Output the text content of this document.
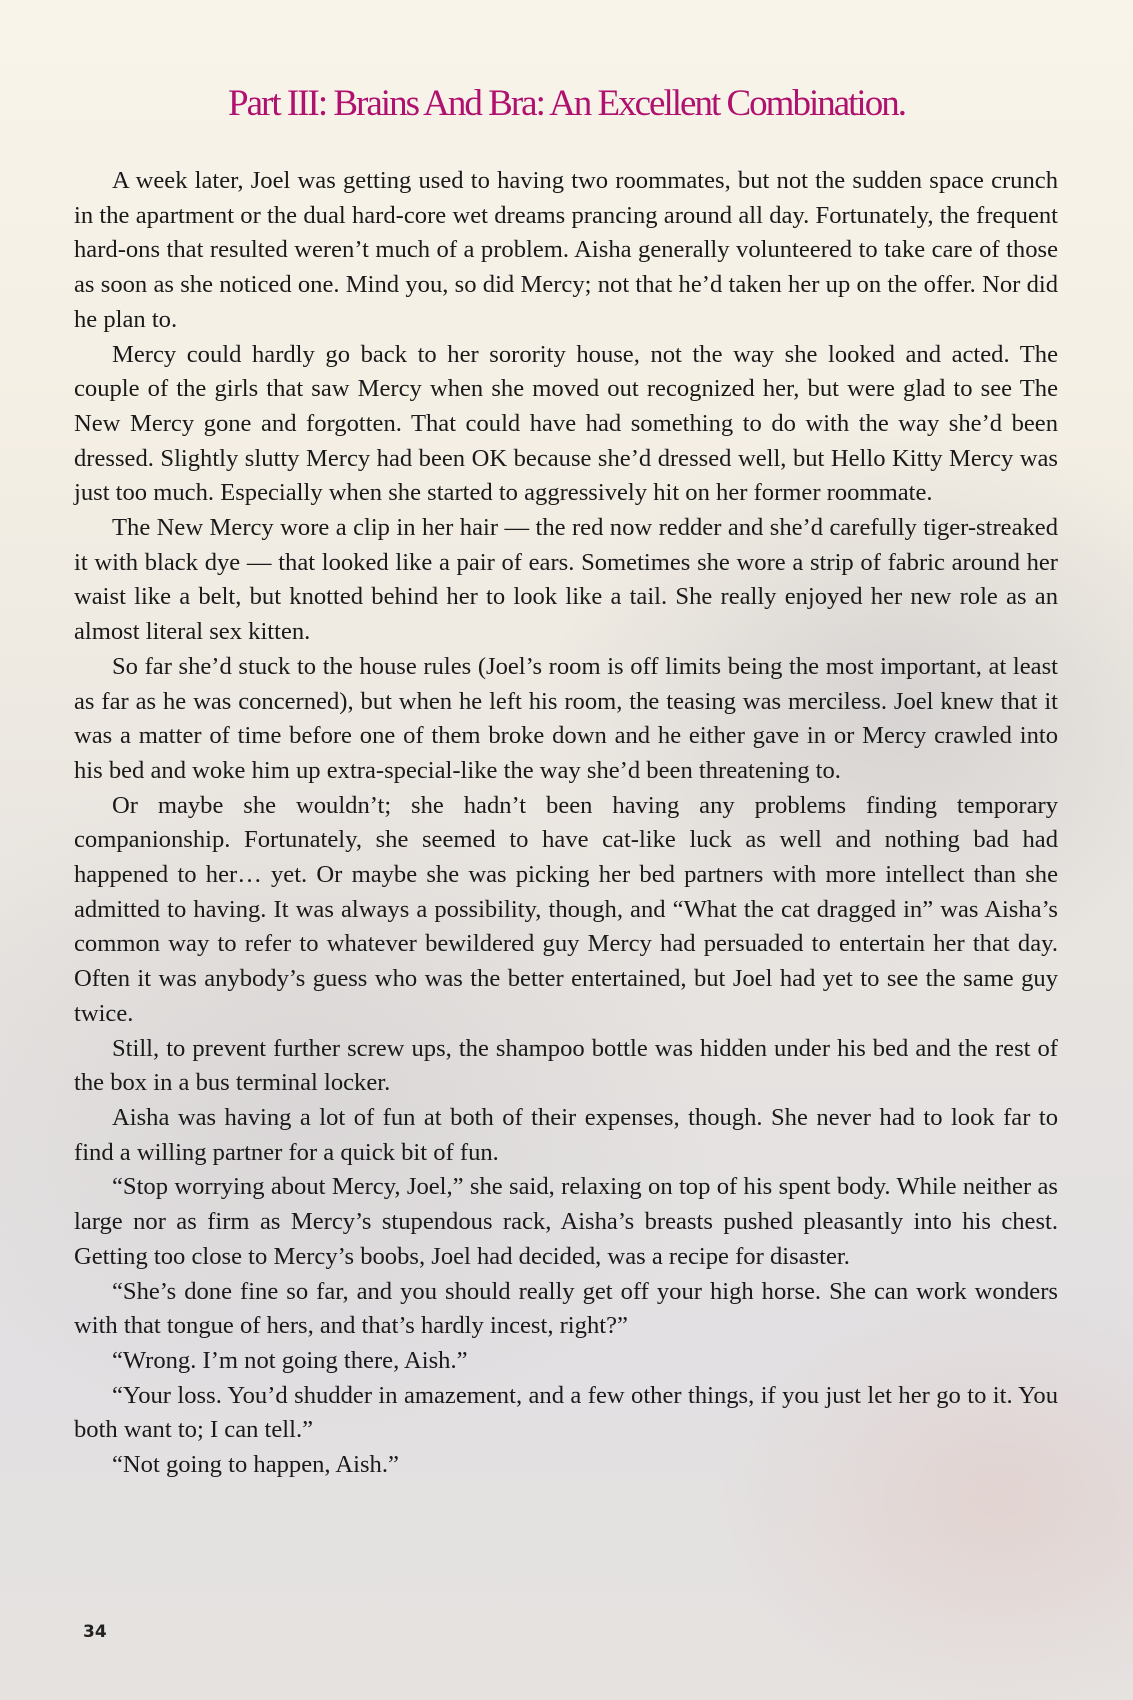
Part III: Brains And Bra: An Excellent Combination.

A week later, Joel was getting used to having two roommates, but not the sudden space crunch in the apartment or the dual hard-core wet dreams prancing around all day. Fortunately, the frequent hard-ons that resulted weren’t much of a problem. Aisha generally volunteered to take care of those as soon as she noticed one. Mind you, so did Mercy; not that he’d taken her up on the offer. Nor did he plan to.

Mercy could hardly go back to her sorority house, not the way she looked and acted. The couple of the girls that saw Mercy when she moved out recognized her, but were glad to see The New Mercy gone and forgotten. That could have had something to do with the way she’d been dressed. Slightly slutty Mercy had been OK because she’d dressed well, but Hello Kitty Mercy was just too much. Especially when she started to aggressively hit on her former roommate.

The New Mercy wore a clip in her hair — the red now redder and she’d carefully tiger-streaked it with black dye — that looked like a pair of ears. Sometimes she wore a strip of fabric around her waist like a belt, but knotted behind her to look like a tail. She really enjoyed her new role as an almost literal sex kitten.

So far she’d stuck to the house rules (Joel’s room is off limits being the most important, at least as far as he was concerned), but when he left his room, the teasing was merciless. Joel knew that it was a matter of time before one of them broke down and he either gave in or Mercy crawled into his bed and woke him up extra-special-like the way she’d been threatening to.

Or maybe she wouldn’t; she hadn’t been having any problems finding temporary companionship. Fortunately, she seemed to have cat-like luck as well and nothing bad had happened to her… yet. Or maybe she was picking her bed partners with more intellect than she admitted to having. It was always a possibility, though, and “What the cat dragged in” was Aisha’s common way to refer to whatever bewildered guy Mercy had persuaded to entertain her that day. Often it was anybody’s guess who was the better entertained, but Joel had yet to see the same guy twice.

Still, to prevent further screw ups, the shampoo bottle was hidden under his bed and the rest of the box in a bus terminal locker.

Aisha was having a lot of fun at both of their expenses, though. She never had to look far to find a willing partner for a quick bit of fun.

“Stop worrying about Mercy, Joel,” she said, relaxing on top of his spent body. While neither as large nor as firm as Mercy’s stupendous rack, Aisha’s breasts pushed pleasantly into his chest. Getting too close to Mercy’s boobs, Joel had decided, was a recipe for disaster.

“She’s done fine so far, and you should really get off your high horse. She can work wonders with that tongue of hers, and that’s hardly incest, right?”

“Wrong. I’m not going there, Aish.”

“Your loss. You’d shudder in amazement, and a few other things, if you just let her go to it. You both want to; I can tell.”

“Not going to happen, Aish.”

34
